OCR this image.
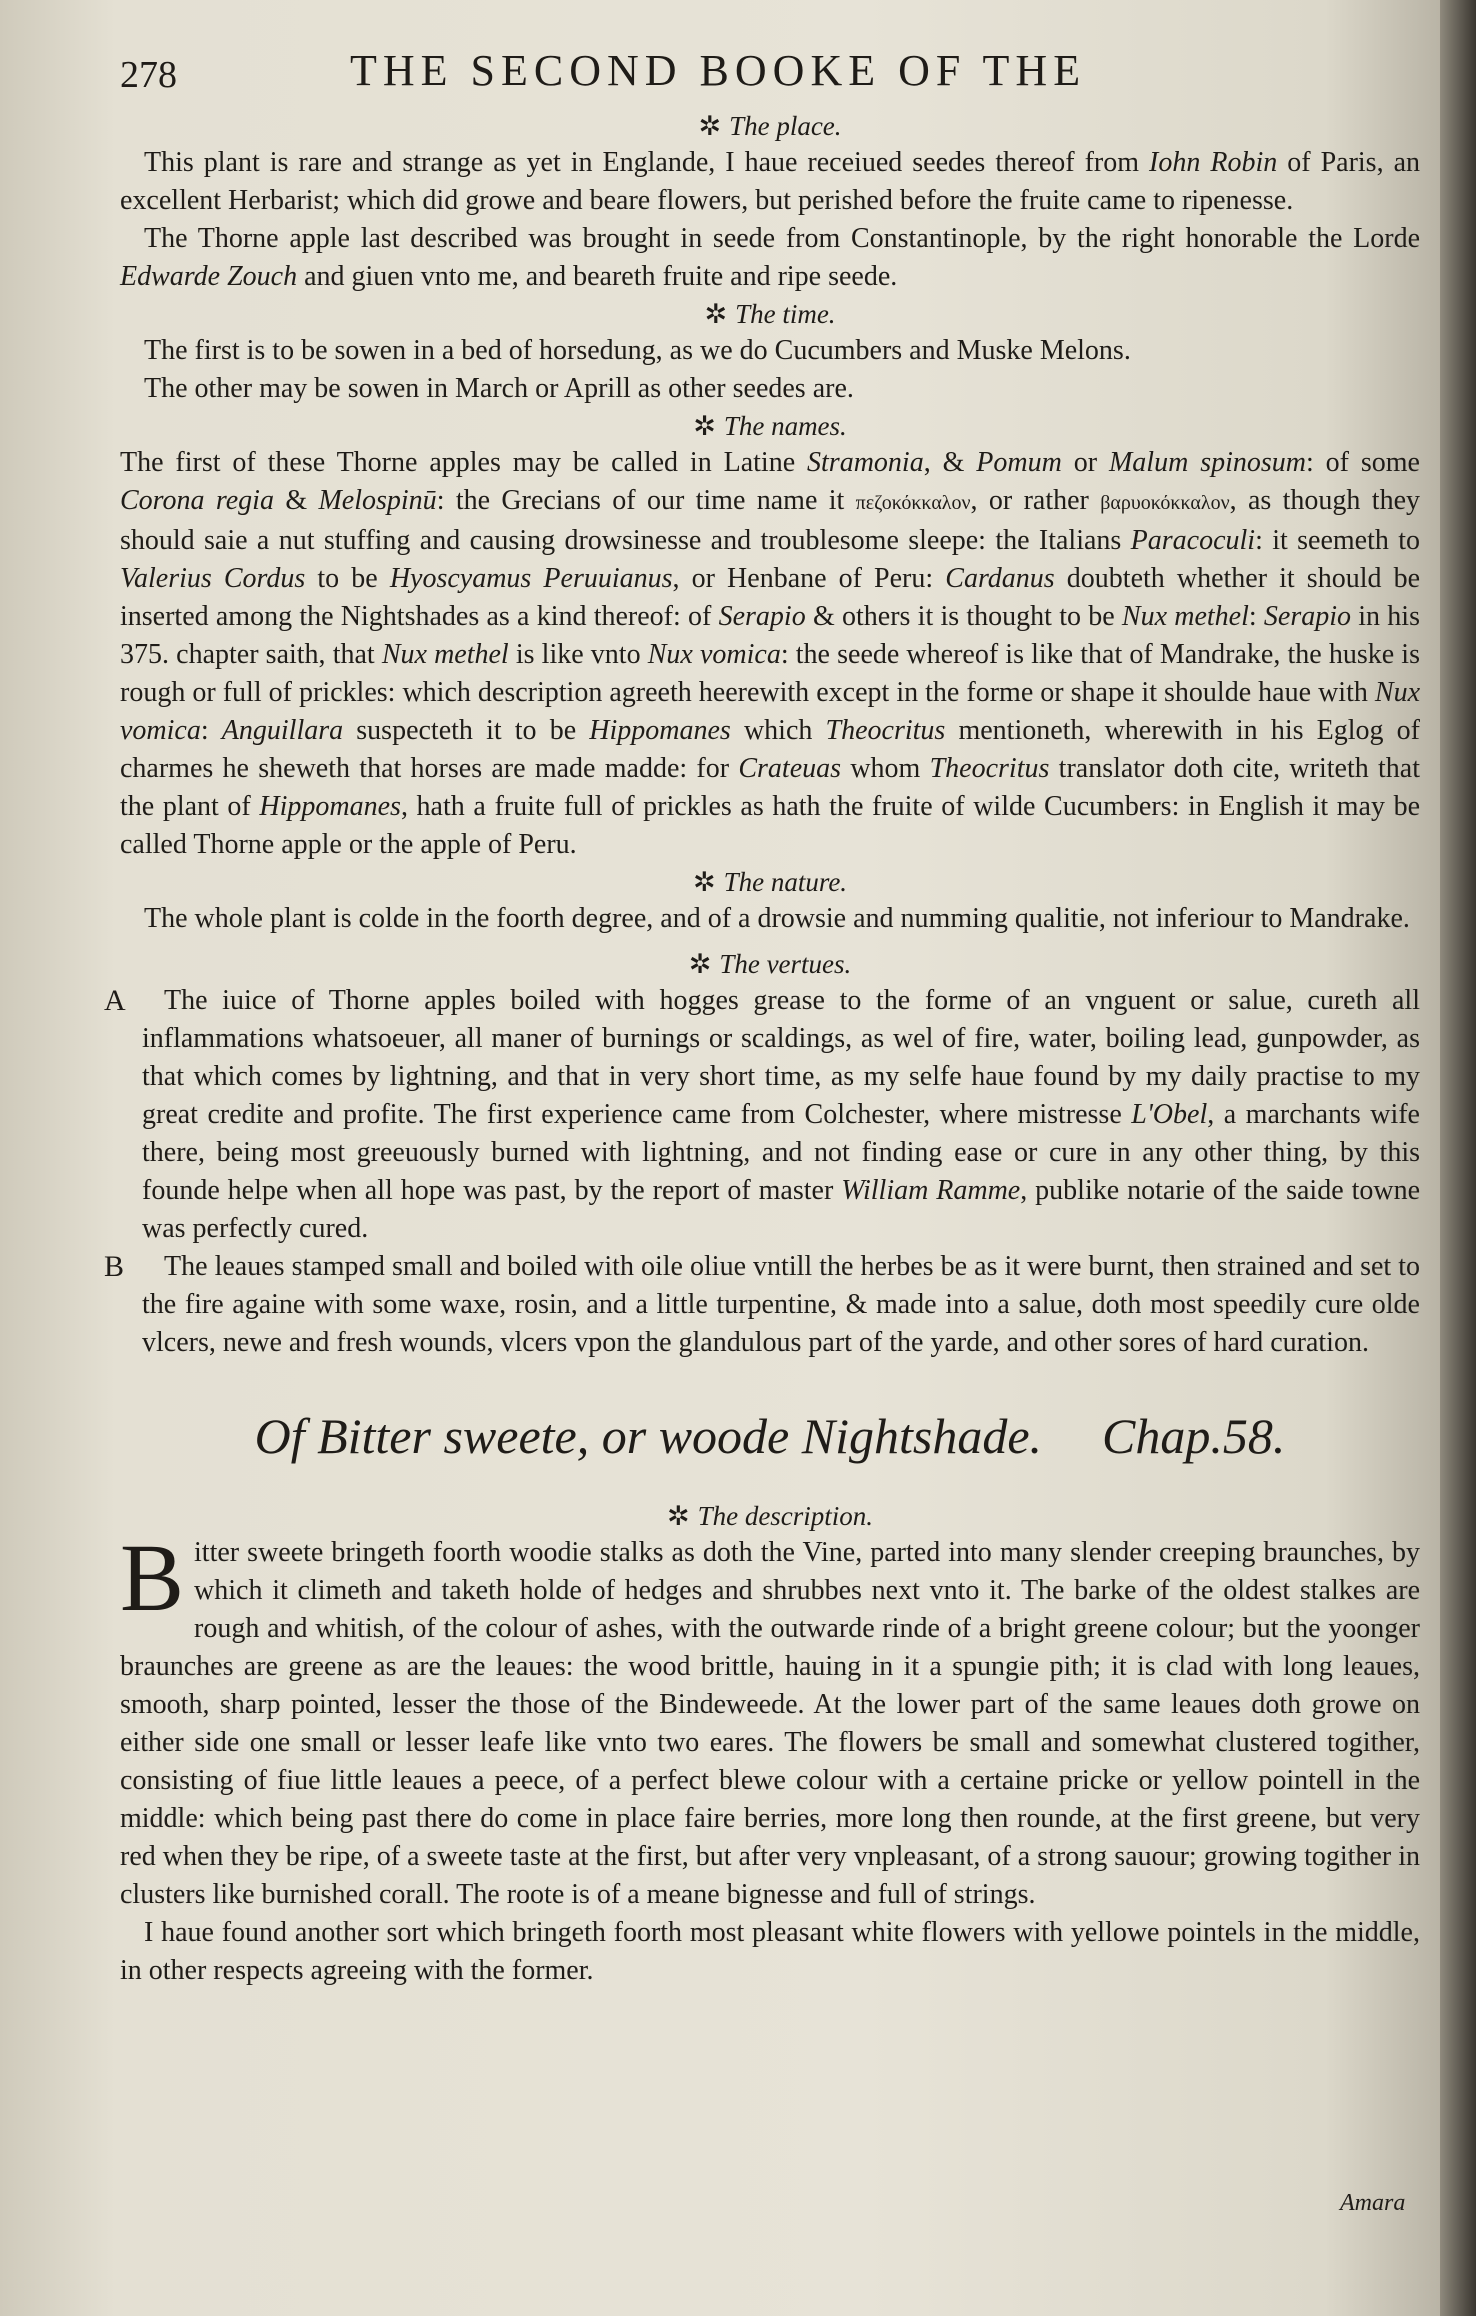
278	THE SECOND BOOKE OF THE
✲ The place.

This plant is rare and strange as yet in Englande, I haue receiued seedes thereof from Iohn Robin of Paris, an excellent Herbarist; which did growe and beare flowers, but perished before the fruite came to ripenesse.

The Thorne apple last described was brought in seede from Constantinople, by the right honorable the Lorde Edwarde Zouch and giuen vnto me, and beareth fruite and ripe seede.

✲ The time.

The first is to be sowen in a bed of horsedung, as we do Cucumbers and Muske Melons.

The other may be sowen in March or Aprill as other seedes are.

✲ The names.

The first of these Thorne apples may be called in Latine Stramonia, & Pomum or Malum spinosum: of some Corona regia & Melospinū: the Grecians of our time name it πεζοκόκκαλον, or rather βαρυοκόκκαλον, as though they should saie a nut stuffing and causing drowsinesse and troublesome sleepe: the Italians Paracoculi: it seemeth to Valerius Cordus to be Hyoscyamus Peruuianus, or Henbane of Peru: Cardanus doubteth whether it should be inserted among the Nightshades as a kind thereof: of Serapio & others it is thought to be Nux methel: Serapio in his 375. chapter saith, that Nux methel is like vnto Nux vomica: the seede whereof is like that of Mandrake, the huske is rough or full of prickles: which description agreeth heerewith except in the forme or shape it shoulde haue with Nux vomica: Anguillara suspecteth it to be Hippomanes which Theocritus mentioneth, wherewith in his Eglog of charmes he sheweth that horses are made madde: for Crateuas whom Theocritus translator doth cite, writeth that the plant of Hippomanes, hath a fruite full of prickles as hath the fruite of wilde Cucumbers: in English it may be called Thorne apple or the apple of Peru.

✲ The nature.

The whole plant is colde in the foorth degree, and of a drowsie and numming qualitie, not inferiour to Mandrake.

✲ The vertues.
A	The iuice of Thorne apples boiled with hogges grease to the forme of an vnguent or salue, cureth all inflammations whatsoeuer, all maner of burnings or scaldings, as wel of fire, water, boiling lead, gunpowder, as that which comes by lightning, and that in very short time, as my selfe haue found by my daily practise to my great credite and profite. The first experience came from Colchester, where mistresse L'Obel, a marchants wife there, being most greeuously burned with lightning, and not finding ease or cure in any other thing, by this founde helpe when all hope was past, by the report of master William Ramme, publike notarie of the saide towne was perfectly cured.

B	The leaues stamped small and boiled with oile oliue vntill the herbes be as it were burnt, then strained and set to the fire againe with some waxe, rosin, and a little turpentine, & made into a salue, doth most speedily cure olde vlcers, newe and fresh wounds, vlcers vpon the glandulous part of the yarde, and other sores of hard curation.

Of Bitter sweete, or woode Nightshade. Chap.58.
✲ The description.
B itter sweete bringeth foorth woodie stalks as doth the Vine, parted into many slender creeping braunches, by which it climeth and taketh holde of hedges and shrubbes next vnto it. The barke of the oldest stalkes are rough and whitish, of the colour of ashes, with the outwarde rinde of a bright greene colour; but the yoonger braunches are greene as are the leaues: the wood brittle, hauing in it a spungie pith; it is clad with long leaues, smooth, sharp pointed, lesser the those of the Bindeweede. At the lower part of the same leaues doth growe on either side one small or lesser leafe like vnto two eares. The flowers be small and somewhat clustered togither, consisting of fiue little leaues a peece, of a perfect blewe colour with a certaine pricke or yellow pointell in the middle: which being past there do come in place faire berries, more long then rounde, at the first greene, but very red when they be ripe, of a sweete taste at the first, but after very vnpleasant, of a strong sauour; growing togither in clusters like burnished corall. The roote is of a meane bignesse and full of strings.

I haue found another sort which bringeth foorth most pleasant white flowers with yellowe pointels in the middle, in other respects agreeing with the former.

Amara
